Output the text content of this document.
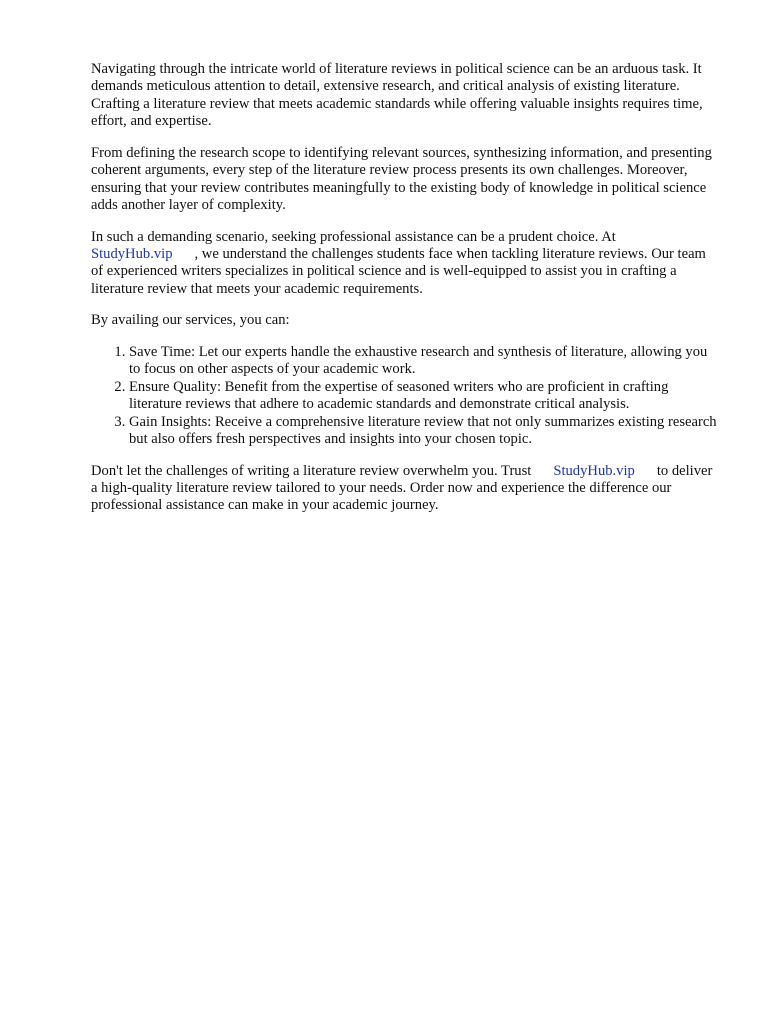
Navigating through the intricate world of literature reviews in political science can be an arduous task. It demands meticulous attention to detail, extensive research, and critical analysis of existing literature. Crafting a literature review that meets academic standards while offering valuable insights requires time, effort, and expertise.

From defining the research scope to identifying relevant sources, synthesizing information, and presenting coherent arguments, every step of the literature review process presents its own challenges. Moreover, ensuring that your review contributes meaningfully to the existing body of knowledge in political science adds another layer of complexity.

In such a demanding scenario, seeking professional assistance can be a prudent choice. At
StudyHub.vip , we understand the challenges students face when tackling literature reviews. Our team of experienced writers specializes in political science and is well-equipped to assist you in crafting a literature review that meets your academic requirements.

By availing our services, you can:

1. Save Time: Let our experts handle the exhaustive research and synthesis of literature, allowing you to focus on other aspects of your academic work.
2. Ensure Quality: Benefit from the expertise of seasoned writers who are proficient in crafting literature reviews that adhere to academic standards and demonstrate critical analysis.
3. Gain Insights: Receive a comprehensive literature review that not only summarizes existing research but also offers fresh perspectives and insights into your chosen topic.

Don't let the challenges of writing a literature review overwhelm you. Trust StudyHub.vip to deliver a high-quality literature review tailored to your needs. Order now and experience the difference our professional assistance can make in your academic journey.
